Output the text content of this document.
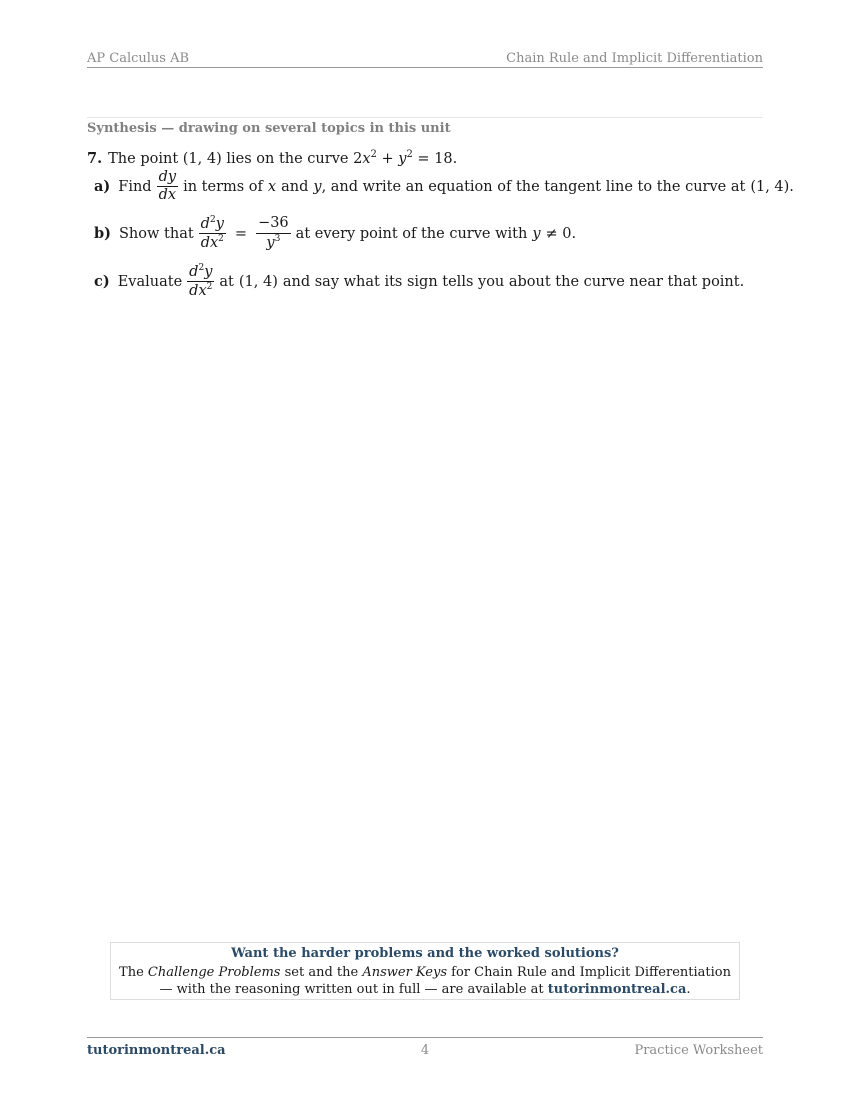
AP Calculus AB	Chain Rule and Implicit Differentiation
Synthesis — drawing on several topics in this unit
7. The point (1, 4) lies on the curve $2x^2 + y^2 = 18$.
a) Find $\frac{dy}{dx}$ in terms of x and y , and write an equation of the tangent line to the curve at (1, 4).
b) Show that $\frac{d^2y}{dx^2} = \frac{-36}{y^3}$ at every point of the curve with y ≠ 0.
c) Evaluate $\frac{d^2y}{dx^2}$ at (1, 4) and say what its sign tells you about the curve near that point.
Want the harder problems and the worked solutions?
The Challenge Problems set and the Answer Keys for Chain Rule and Implicit Differentiation — with the reasoning written out in full — are available at tutorinmontreal.ca.
4
tutorinmontreal.ca	Practice Worksheet
